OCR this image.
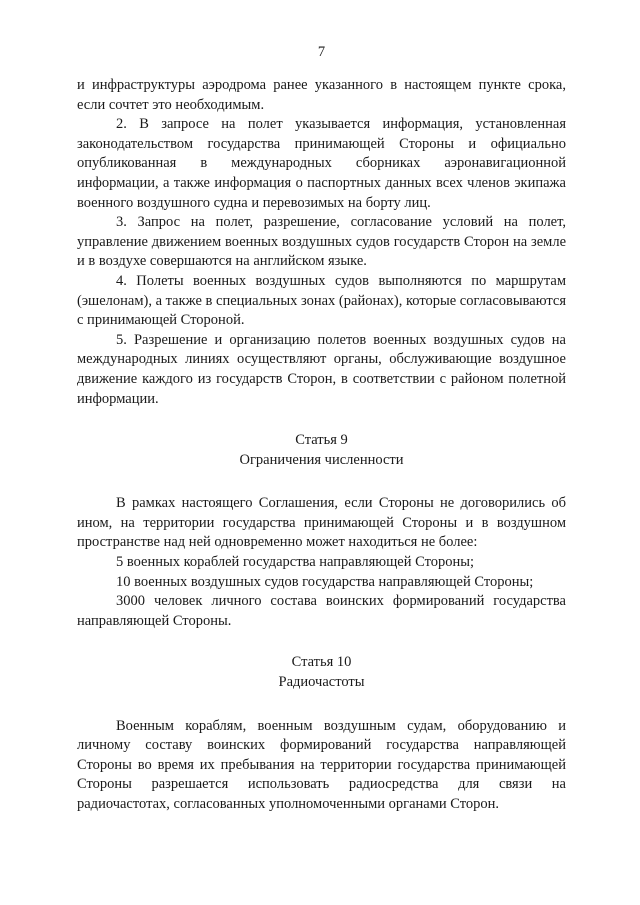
7

и инфраструктуры аэродрома ранее указанного в настоящем пункте срока, если сочтет это необходимым.

2. В запросе на полет указывается информация, установленная законодательством государства принимающей Стороны и официально опубликованная в международных сборниках аэронавигационной информации, а также информация о паспортных данных всех членов экипажа военного воздушного судна и перевозимых на борту лиц.

3. Запрос на полет, разрешение, согласование условий на полет, управление движением военных воздушных судов государств Сторон на земле и в воздухе совершаются на английском языке.

4. Полеты военных воздушных судов выполняются по маршрутам (эшелонам), а также в специальных зонах (районах), которые согласовываются с принимающей Стороной.

5. Разрешение и организацию полетов военных воздушных судов на международных линиях осуществляют органы, обслуживающие воздушное движение каждого из государств Сторон, в соответствии с районом полетной информации.

Статья 9

Ограничения численности

В рамках настоящего Соглашения, если Стороны не договорились об ином, на территории государства принимающей Стороны и в воздушном пространстве над ней одновременно может находиться не более:

5 военных кораблей государства направляющей Стороны;

10 военных воздушных судов государства направляющей Стороны;

3000 человек личного состава воинских формирований государства направляющей Стороны.

Статья 10

Радиочастоты

Военным кораблям, военным воздушным судам, оборудованию и личному составу воинских формирований государства направляющей Стороны во время их пребывания на территории государства принимающей Стороны разрешается использовать радиосредства для связи на радиочастотах, согласованных уполномоченными органами Сторон.
